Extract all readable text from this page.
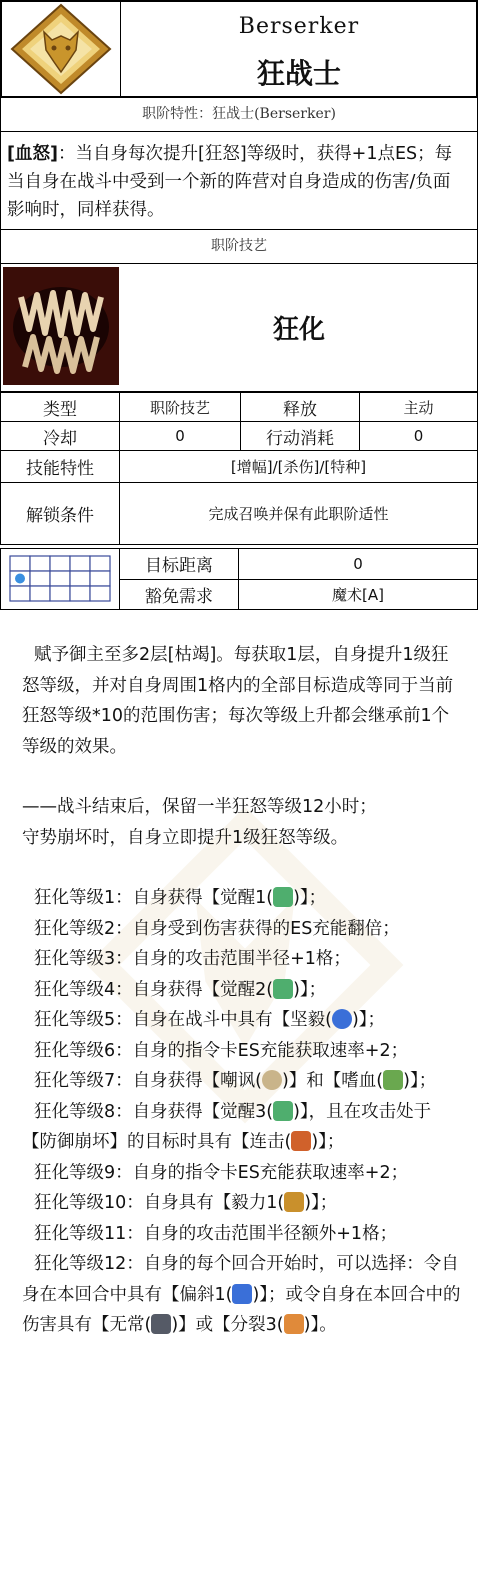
Berserker
狂战士
职阶特性：狂战士(Berserker)
[血怒]：当自身每次提升[狂怒]等级时，获得+1点ES；每当自身在战斗中受到一个新的阵营对自身造成的伤害/负面影响时，同样获得。
职阶技艺
狂化
类型	职阶技艺	释放	主动
冷却	0	行动消耗	0
技能特性	[增幅]/[杀伤]/[特种]		
解锁条件	完成召唤并保有此职阶适性		
	目标距离	0
	豁免需求	魔术[A]

赋予御主至多2层[枯竭]。每获取1层，自身提升1级狂怒等级，并对自身周围1格内的全部目标造成等同于当前狂怒等级*10的范围伤害；每次等级上升都会继承前1个等级的效果。

——战斗结束后，保留一半狂怒等级12小时；

守势崩坏时，自身立即提升1级狂怒等级。

狂化等级1：自身获得【觉醒1( )】；

狂化等级2：自身受到伤害获得的ES充能翻倍；

狂化等级3：自身的攻击范围半径+1格；

狂化等级4：自身获得【觉醒2( )】；

狂化等级5：自身在战斗中具有【坚毅( )】；

狂化等级6：自身的指令卡ES充能获取速率+2；

狂化等级7：自身获得【嘲讽( )】和【嗜血( )】；

狂化等级8：自身获得【觉醒3( )】，且在攻击处于【防御崩坏】的目标时具有【连击( )】；

狂化等级9：自身的指令卡ES充能获取速率+2；

狂化等级10：自身具有【毅力1( )】；

狂化等级11：自身的攻击范围半径额外+1格；

狂化等级12：自身的每个回合开始时，可以选择：令自身在本回合中具有【偏斜1( )】；或令自身在本回合中的伤害具有【无常( )】或【分裂3( )】。
